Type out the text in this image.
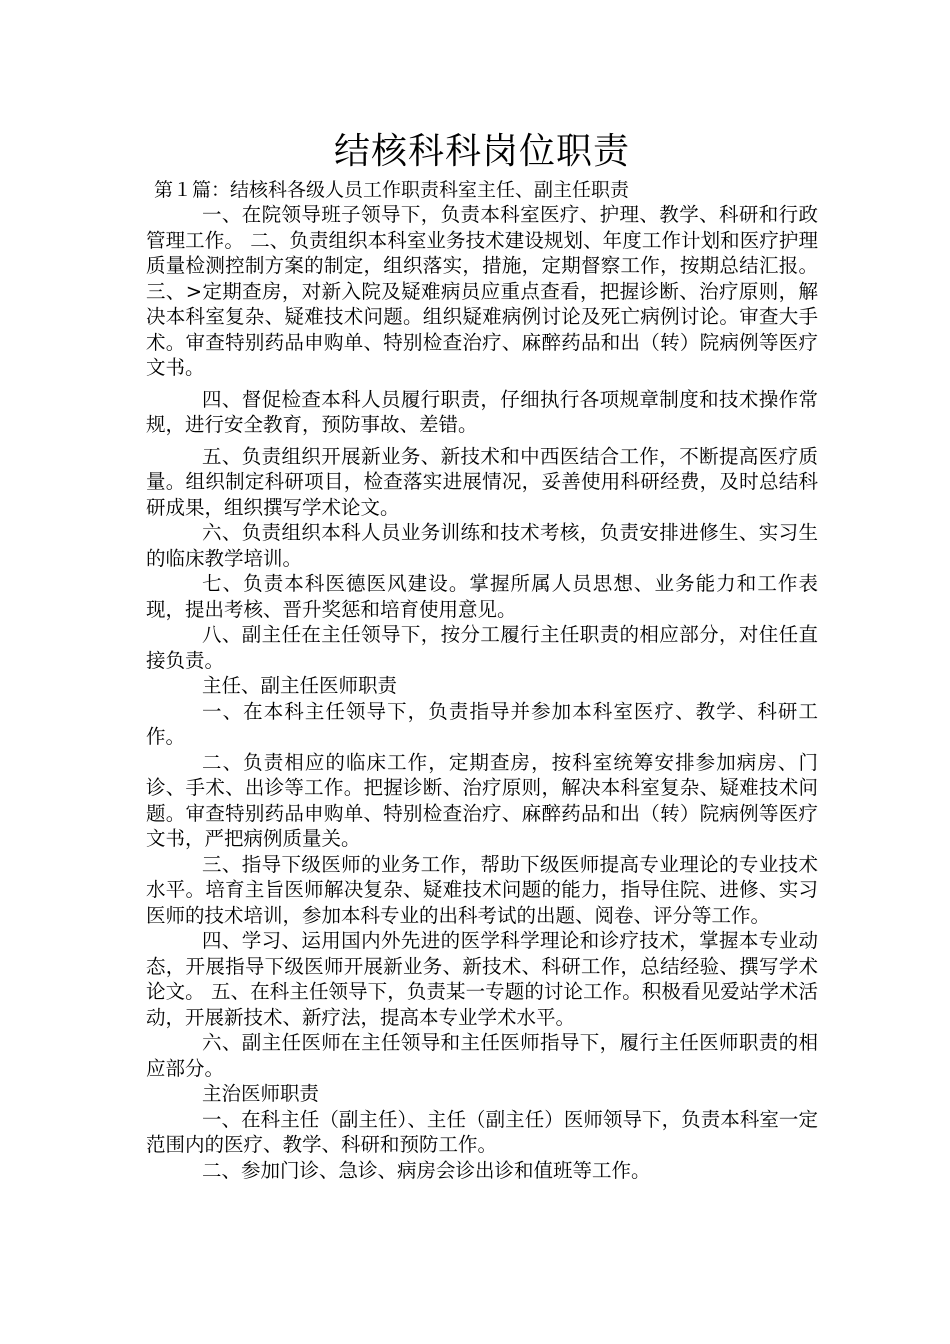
结核科科岗位职责

第１篇：结核科各级人员工作职责科室主任、副主任职责

一、在院领导班子领导下，负责本科室医疗、护理、教学、科研和行政管理工作。 二、负责组织本科室业务技术建设规划、年度工作计划和医疗护理质量检测控制方案的制定，组织落实，措施，定期督察工作，按期总结汇报。三、>定期查房，对新入院及疑难病员应重点查看，把握诊断、治疗原则，解决本科室复杂、疑难技术问题。组织疑难病例讨论及死亡病例讨论。审查大手术。审查特别药品申购单、特别检查治疗、麻醉药品和出（转）院病例等医疗文书。

四、督促检查本科人员履行职责，仔细执行各项规章制度和技术操作常规，进行安全教育，预防事故、差错。

五、负责组织开展新业务、新技术和中西医结合工作，不断提高医疗质量。组织制定科研项目，检查落实进展情况，妥善使用科研经费，及时总结科研成果，组织撰写学术论文。

六、负责组织本科人员业务训练和技术考核，负责安排进修生、实习生的临床教学培训。

七、负责本科医德医风建设。掌握所属人员思想、业务能力和工作表现，提出考核、晋升奖惩和培育使用意见。

八、副主任在主任领导下，按分工履行主任职责的相应部分，对住任直接负责。

主任、副主任医师职责

一、在本科主任领导下，负责指导并参加本科室医疗、教学、科研工作。

二、负责相应的临床工作，定期查房，按科室统筹安排参加病房、门诊、手术、出诊等工作。把握诊断、治疗原则，解决本科室复杂、疑难技术问题。审查特别药品申购单、特别检查治疗、麻醉药品和出（转）院病例等医疗文书，严把病例质量关。

三、指导下级医师的业务工作，帮助下级医师提高专业理论的专业技术水平。培育主旨医师解决复杂、疑难技术问题的能力，指导住院、进修、实习医师的技术培训，参加本科专业的出科考试的出题、阅卷、评分等工作。

四、学习、运用国内外先进的医学科学理论和诊疗技术，掌握本专业动态，开展指导下级医师开展新业务、新技术、科研工作，总结经验、撰写学术论文。 五、在科主任领导下，负责某一专题的讨论工作。积极看见爱站学术活动，开展新技术、新疗法，提高本专业学术水平。

六、副主任医师在主任领导和主任医师指导下，履行主任医师职责的相应部分。

主治医师职责

一、在科主任（副主任）、主任（副主任）医师领导下，负责本科室一定范围内的医疗、教学、科研和预防工作。

二、参加门诊、急诊、病房会诊出诊和值班等工作。
